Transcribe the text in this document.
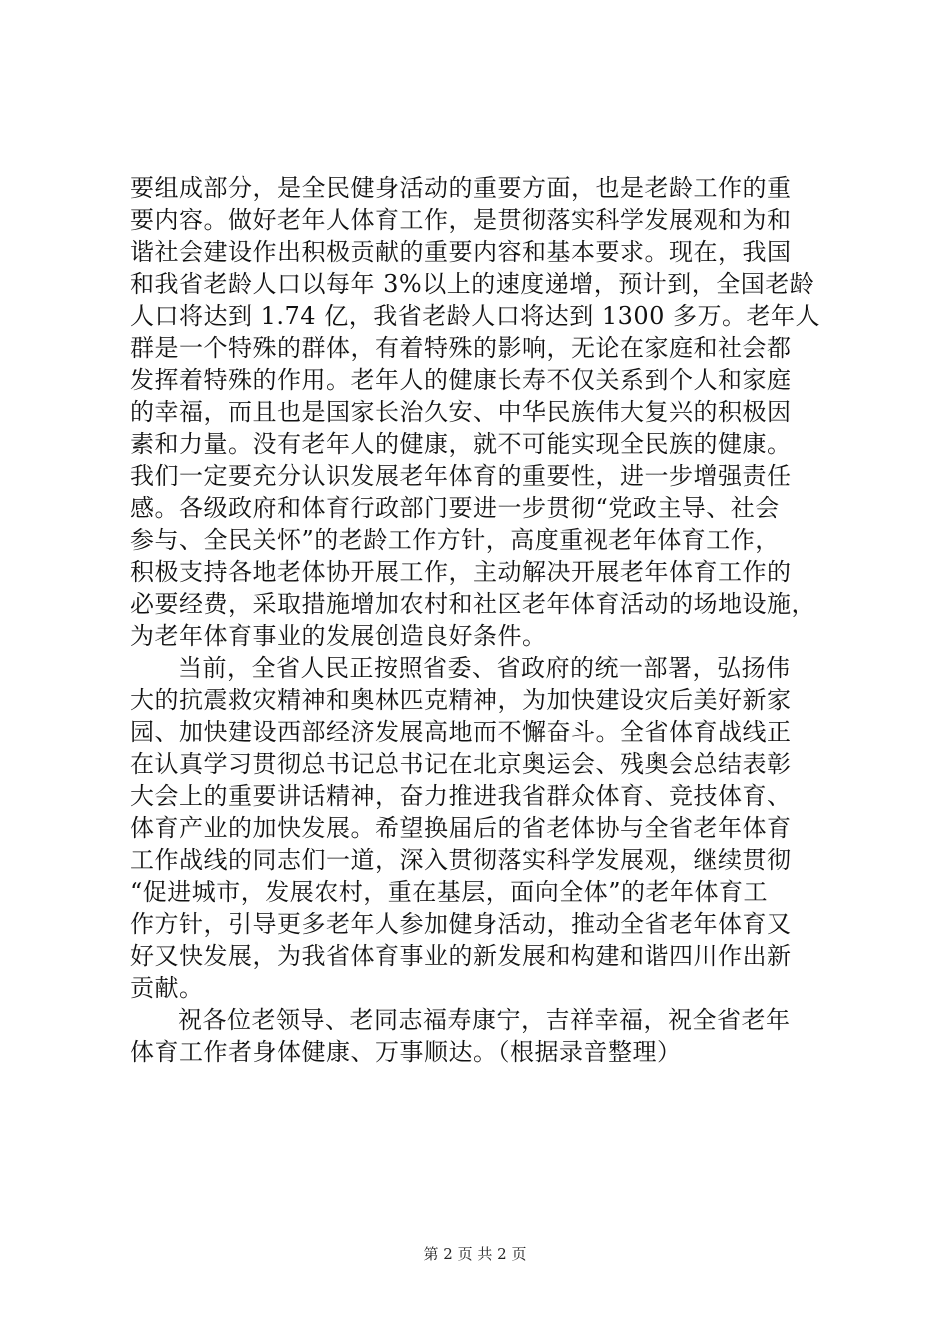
要组成部分，是全民健身活动的重要方面，也是老龄工作的重
要内容。做好老年人体育工作，是贯彻落实科学发展观和为和
谐社会建设作出积极贡献的重要内容和基本要求。现在，我国
和我省老龄人口以每年 3%以上的速度递增，预计到，全国老龄
人口将达到 1.74 亿，我省老龄人口将达到 1300 多万。老年人
群是一个特殊的群体，有着特殊的影响，无论在家庭和社会都
发挥着特殊的作用。老年人的健康长寿不仅关系到个人和家庭
的幸福，而且也是国家长治久安、中华民族伟大复兴的积极因
素和力量。没有老年人的健康，就不可能实现全民族的健康。
我们一定要充分认识发展老年体育的重要性，进一步增强责任
感。各级政府和体育行政部门要进一步贯彻“党政主导、社会
参与、全民关怀”的老龄工作方针，高度重视老年体育工作，
积极支持各地老体协开展工作，主动解决开展老年体育工作的
必要经费，采取措施增加农村和社区老年体育活动的场地设施，
为老年体育事业的发展创造良好条件。
当前，全省人民正按照省委、省政府的统一部署，弘扬伟
大的抗震救灾精神和奥林匹克精神，为加快建设灾后美好新家
园、加快建设西部经济发展高地而不懈奋斗。全省体育战线正
在认真学习贯彻总书记总书记在北京奥运会、残奥会总结表彰
大会上的重要讲话精神，奋力推进我省群众体育、竞技体育、
体育产业的加快发展。希望换届后的省老体协与全省老年体育
工作战线的同志们一道，深入贯彻落实科学发展观，继续贯彻
“促进城市，发展农村，重在基层，面向全体”的老年体育工
作方针，引导更多老年人参加健身活动，推动全省老年体育又
好又快发展，为我省体育事业的新发展和构建和谐四川作出新
贡献。
祝各位老领导、老同志福寿康宁，吉祥幸福，祝全省老年
体育工作者身体健康、万事顺达。（根据录音整理）
第 2 页 共 2 页
